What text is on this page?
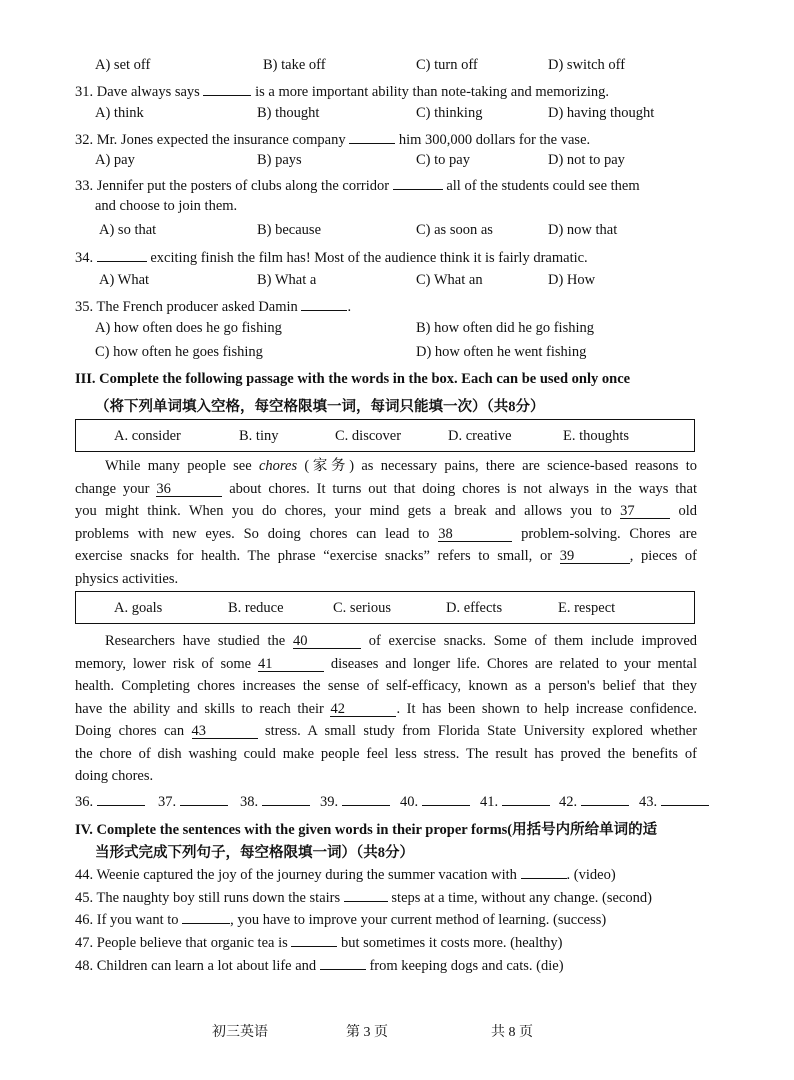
A) set off	B) take off	C) turn off	D) switch off
31. Dave always says	is a more important ability than note-taking and memorizing.
A) think	B) thought	C) thinking	D) having thought
32. Mr. Jones expected the insurance company	him 300,000 dollars for the vase.
A) pay	B) pays	C) to pay	D) not to pay
33. Jennifer put the posters of clubs along the corridor	all of the students could see them
and choose to join them.
A) so that	B) because	C) as soon as	D) now that
34.	exciting finish the film has! Most of the audience think it is fairly dramatic.
A) What	B) What a	C) What an	D) How
35. The French producer asked Damin	.
A) how often does he go fishing	B) how often did he go fishing
C) how often he goes fishing	D) how often he went fishing
III. Complete the following passage with the words in the box. Each can be used only once
（将下列单词填入空格，每空格限填一词，每词只能填一次）（共8分）
A. consider	B. tiny	C. discover	D. creative	E. thoughts
While many people see chores (家务) as necessary pains, there are science-based reasons to
change your 36	about chores. It turns out that doing chores is not always in the ways that
you might think. When you do chores, your mind gets a break and allows you to 37	old
problems with new eyes. So doing chores can lead to 38	problem-solving. Chores are
exercise snacks for health. The phrase “exercise snacks” refers to small, or 39	, pieces of
physics activities.
A. goals	B. reduce	C. serious	D. effects	E. respect
Researchers have studied the 40	of exercise snacks. Some of them include improved
memory, lower risk of some 41	diseases and longer life. Chores are related to your mental
health. Completing chores increases the sense of self-efficacy, known as a person's belief that they
have the ability and skills to reach their 42	. It has been shown to help increase confidence.
Doing chores can 43	stress. A small study from Florida State University explored whether
the chore of dish washing could make people feel less stress. The result has proved the benefits of
doing chores.
36.	37.	38.	39.	40.	41.	42.	43.
IV. Complete the sentences with the given words in their proper forms(用括号内所给单词的适
当形式完成下列句子，每空格限填一词）（共8分）
44. Weenie captured the joy of the journey during the summer vacation with	. (video)
45. The naughty boy still runs down the stairs	steps at a time, without any change. (second)
46. If you want to	, you have to improve your current method of learning. (success)
47. People believe that organic tea is	but sometimes it costs more. (healthy)
48. Children can learn a lot about life and	from keeping dogs and cats. (die)
初三英语	第 3 页	共 8 页
